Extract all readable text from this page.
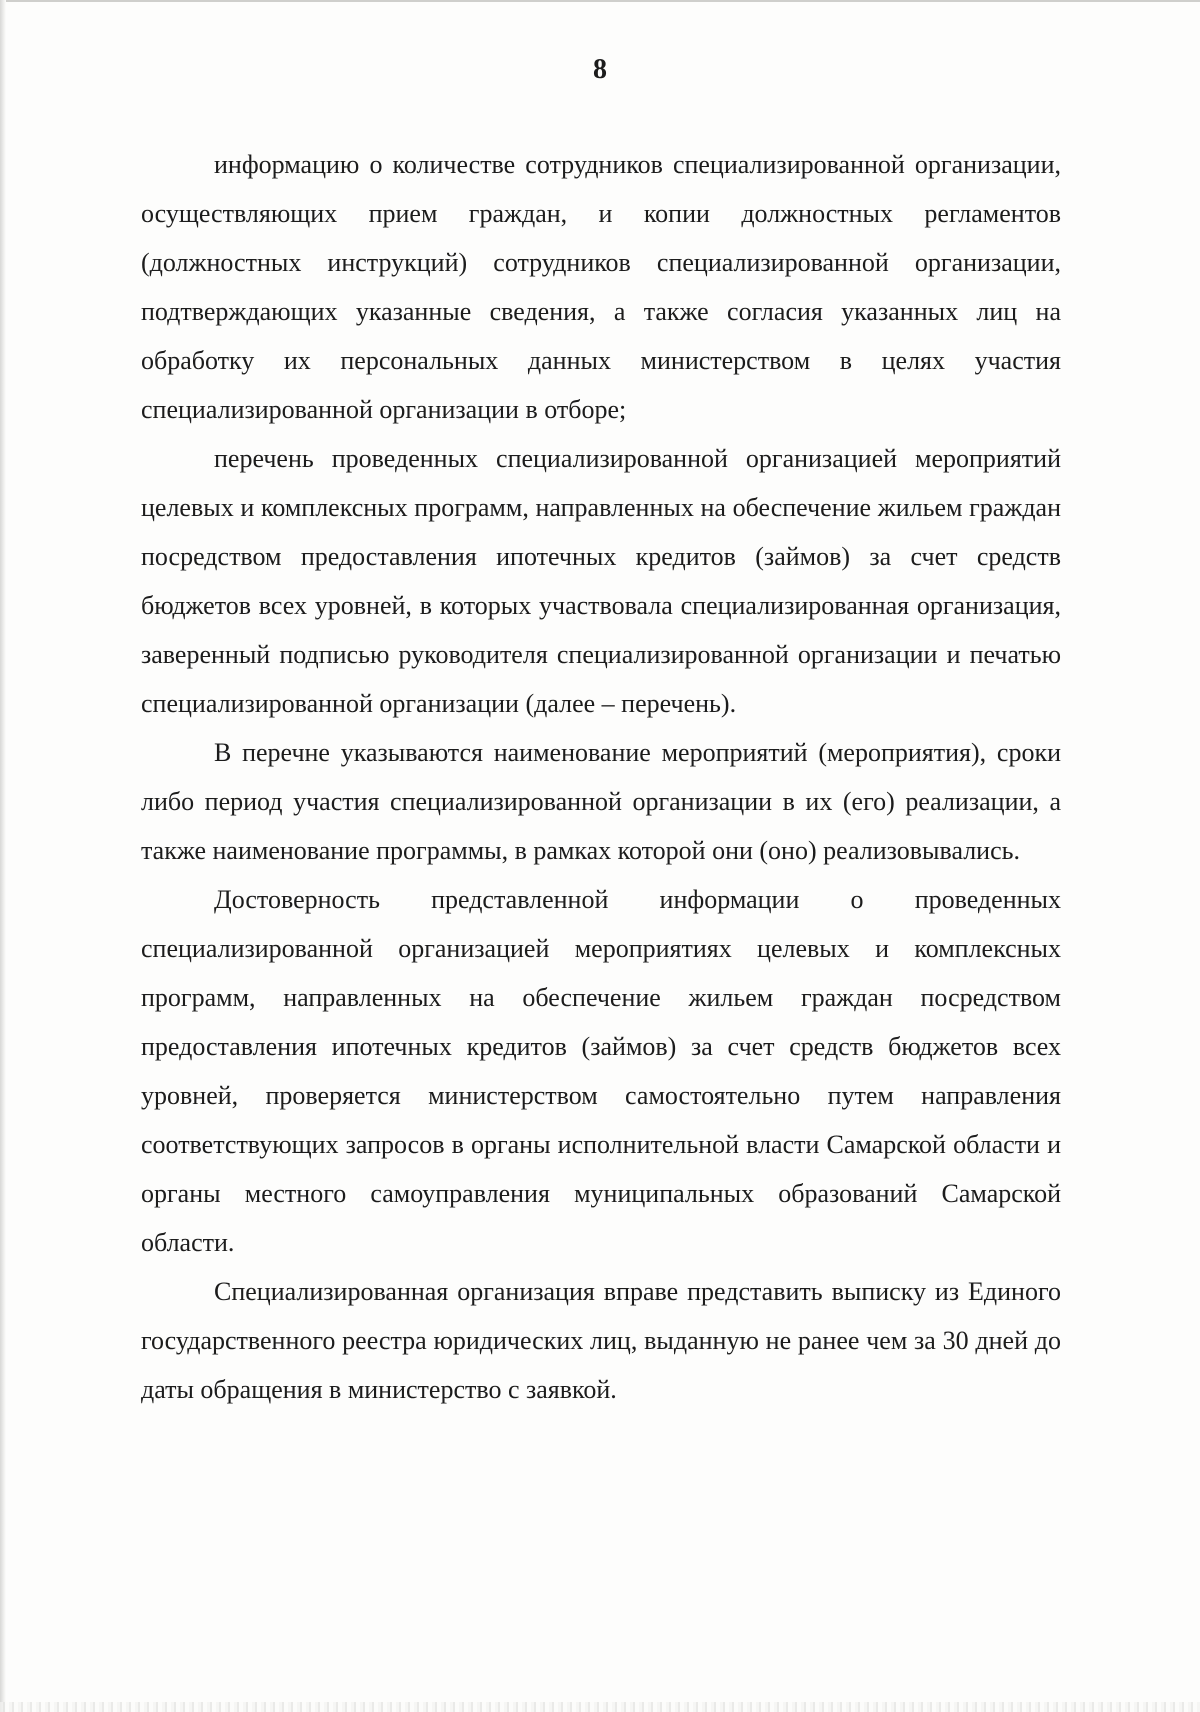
8

информацию о количестве сотрудников специализированной организации, осуществляющих прием граждан, и копии должностных регламентов (должностных инструкций) сотрудников специализированной организации, подтверждающих указанные сведения, а также согласия указанных лиц на обработку их персональных данных министерством в целях участия специализированной организации в отборе;

перечень проведенных специализированной организацией мероприятий целевых и комплексных программ, направленных на обеспечение жильем граждан посредством предоставления ипотечных кредитов (займов) за счет средств бюджетов всех уровней, в которых участвовала специализированная организация, заверенный подписью руководителя специализированной организации и печатью специализированной организации (далее – перечень).

В перечне указываются наименование мероприятий (мероприятия), сроки либо период участия специализированной организации в их (его) реализации, а также наименование программы, в рамках которой они (оно) реализовывались.

Достоверность представленной информации о проведенных специализированной организацией мероприятиях целевых и комплексных программ, направленных на обеспечение жильем граждан посредством предоставления ипотечных кредитов (займов) за счет средств бюджетов всех уровней, проверяется министерством самостоятельно путем направления соответствующих запросов в органы исполнительной власти Самарской области и органы местного самоуправления муниципальных образований Самарской области.

Специализированная организация вправе представить выписку из Единого государственного реестра юридических лиц, выданную не ранее чем за 30 дней до даты обращения в министерство с заявкой.
